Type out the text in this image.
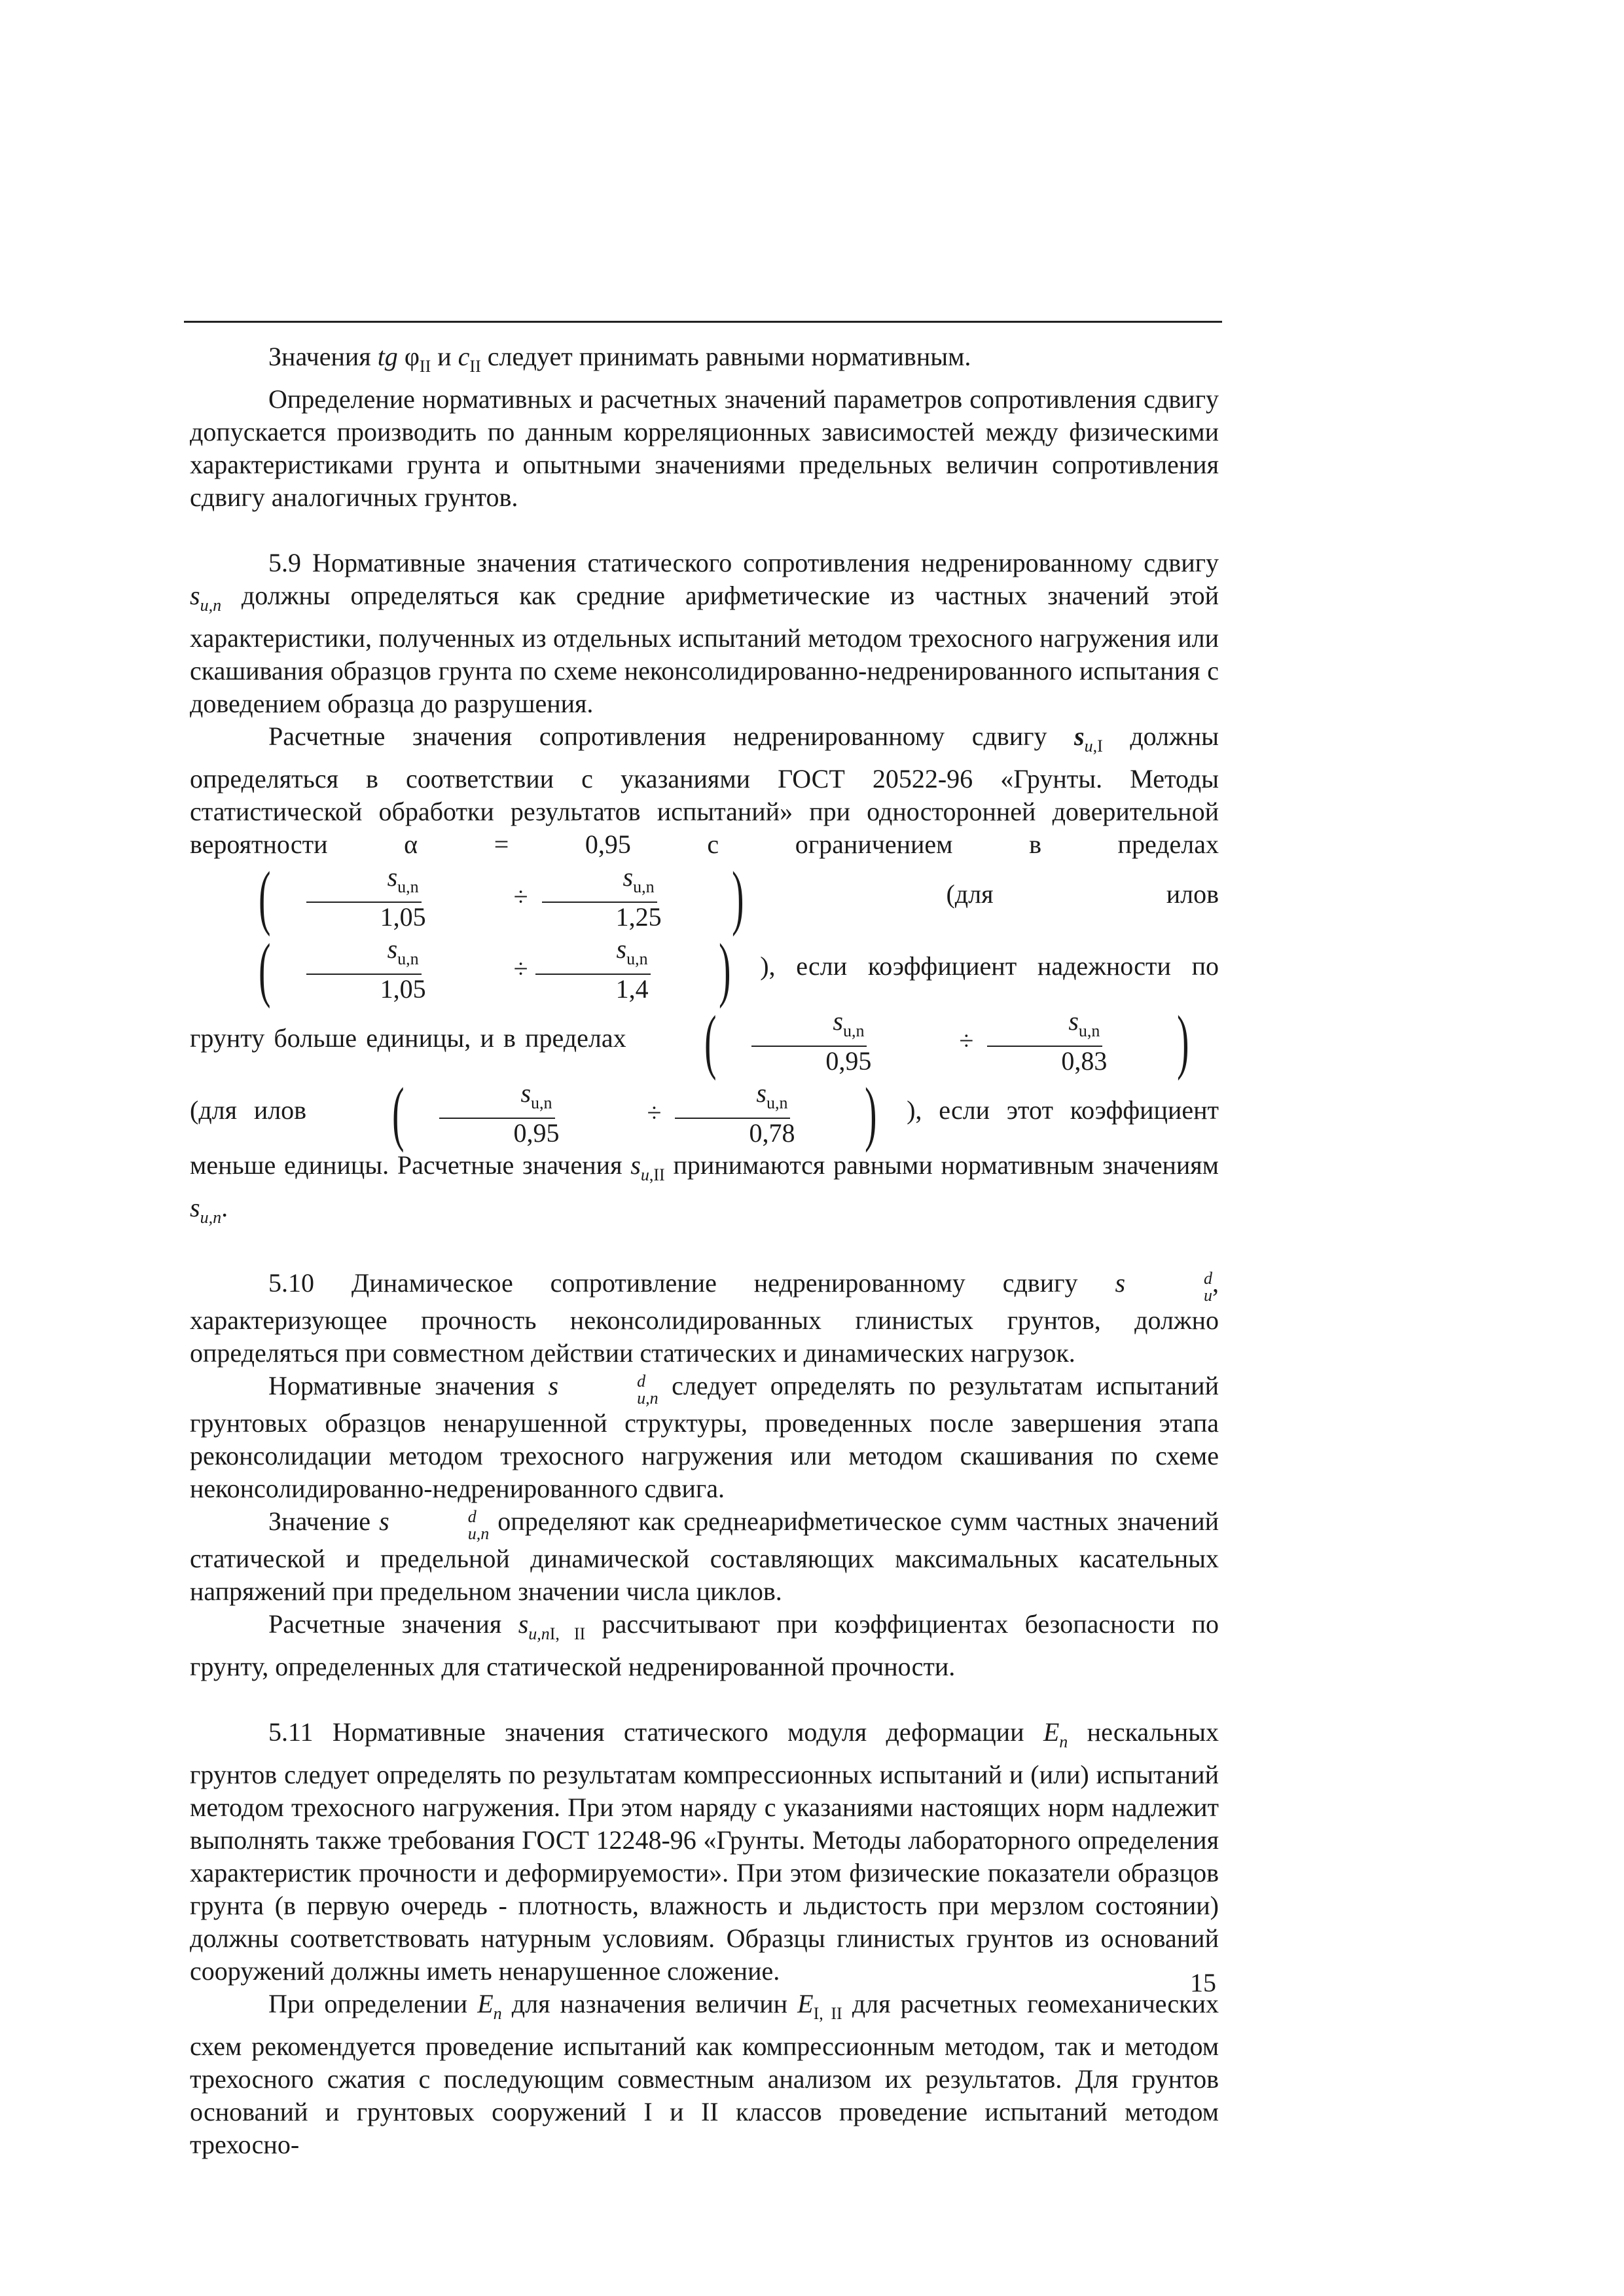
Значения tg $\varphi_{II}$ и $c_{II}$ следует принимать равными нормативным.

Определение нормативных и расчетных значений параметров сопротивления сдвигу допускается производить по данным корреляционных зависимостей между физическими характеристиками грунта и опытными значениями предельных величин сопротивления сдвигу аналогичных грунтов.

5.9 Нормативные значения статического сопротивления недренированному сдвигу $s_{u,n}$ должны определяться как средние арифметические из частных значений этой характеристики, полученных из отдельных испытаний методом трехосного нагружения или скашивания образцов грунта по схеме неконсолидированно-недренированного испытания с доведением образца до разрушения.

Расчетные значения сопротивления недренированному сдвигу $s_{u,I}$ должны определяться в соответствии с указаниями ГОСТ 20522-96 «Грунты. Методы статистической обработки результатов испытаний» при односторонней доверительной вероятности α = 0,95 с ограничением в пределах
( $\frac{s_{u,n}}{1,05}$	÷ $\frac{s_{u,n}}{1,25}$ )	(для илов
( $\frac{s_{u,n}}{1,05}$	÷ $\frac{s_{u,n}}{1,4}$ ) ), если коэффициент надежности по грунту больше единицы, и в пределах	( $\frac{s_{u,n}}{0,95}$	÷ $\frac{s_{u,n}}{0,83}$ )
(для илов	( $\frac{s_{u,n}}{0,95}$	÷ $\frac{s_{u,n}}{0,78}$ ) ), если этот коэффициент меньше единицы. Расчетные значения $s_{u,II}$ принимаются равными нормативным значениям $s_{u,n}$.

5.10 Динамическое сопротивление недренированному сдвигу s	d
u , характеризующее прочность неконсолидированных глинистых грунтов, должно определяться при совместном действии статических и динамических нагрузок.

Нормативные значения s	d
u,n следует определять по результатам испытаний грунтовых образцов ненарушенной структуры, проведенных после завершения этапа реконсолидации методом трехосного нагружения или методом скашивания по схеме неконсолидированно-недренированного сдвига.

Значение s	d
u,n определяют как среднеарифметическое сумм частных значений статической и предельной динамической составляющих максимальных касательных напряжений при предельном значении числа циклов.

Расчетные значения $s_{u,nI, II}$ рассчитывают при коэффициентах безопасности по грунту, определенных для статической недренированной прочности.

5.11 Нормативные значения статического модуля деформации $E_n$ нескальных грунтов следует определять по результатам компрессионных испытаний и (или) испытаний методом трехосного нагружения. При этом наряду с указаниями настоящих норм надлежит выполнять также требования ГОСТ 12248-96 «Грунты. Методы лабораторного определения характеристик прочности и деформируемости». При этом физические показатели образцов грунта (в первую очередь - плотность, влажность и льдистость при мерзлом состоянии) должны соответствовать натурным условиям. Образцы глинистых грунтов из оснований сооружений должны иметь ненарушенное сложение.

При определении $E_n$ для назначения величин $E_{I, II}$ для расчетных геомеханических схем рекомендуется проведение испытаний как компрессионным методом, так и методом трехосного сжатия с последующим совместным анализом их результатов. Для грунтов оснований и грунтовых сооружений I и II классов проведение испытаний методом трехосно-

15
